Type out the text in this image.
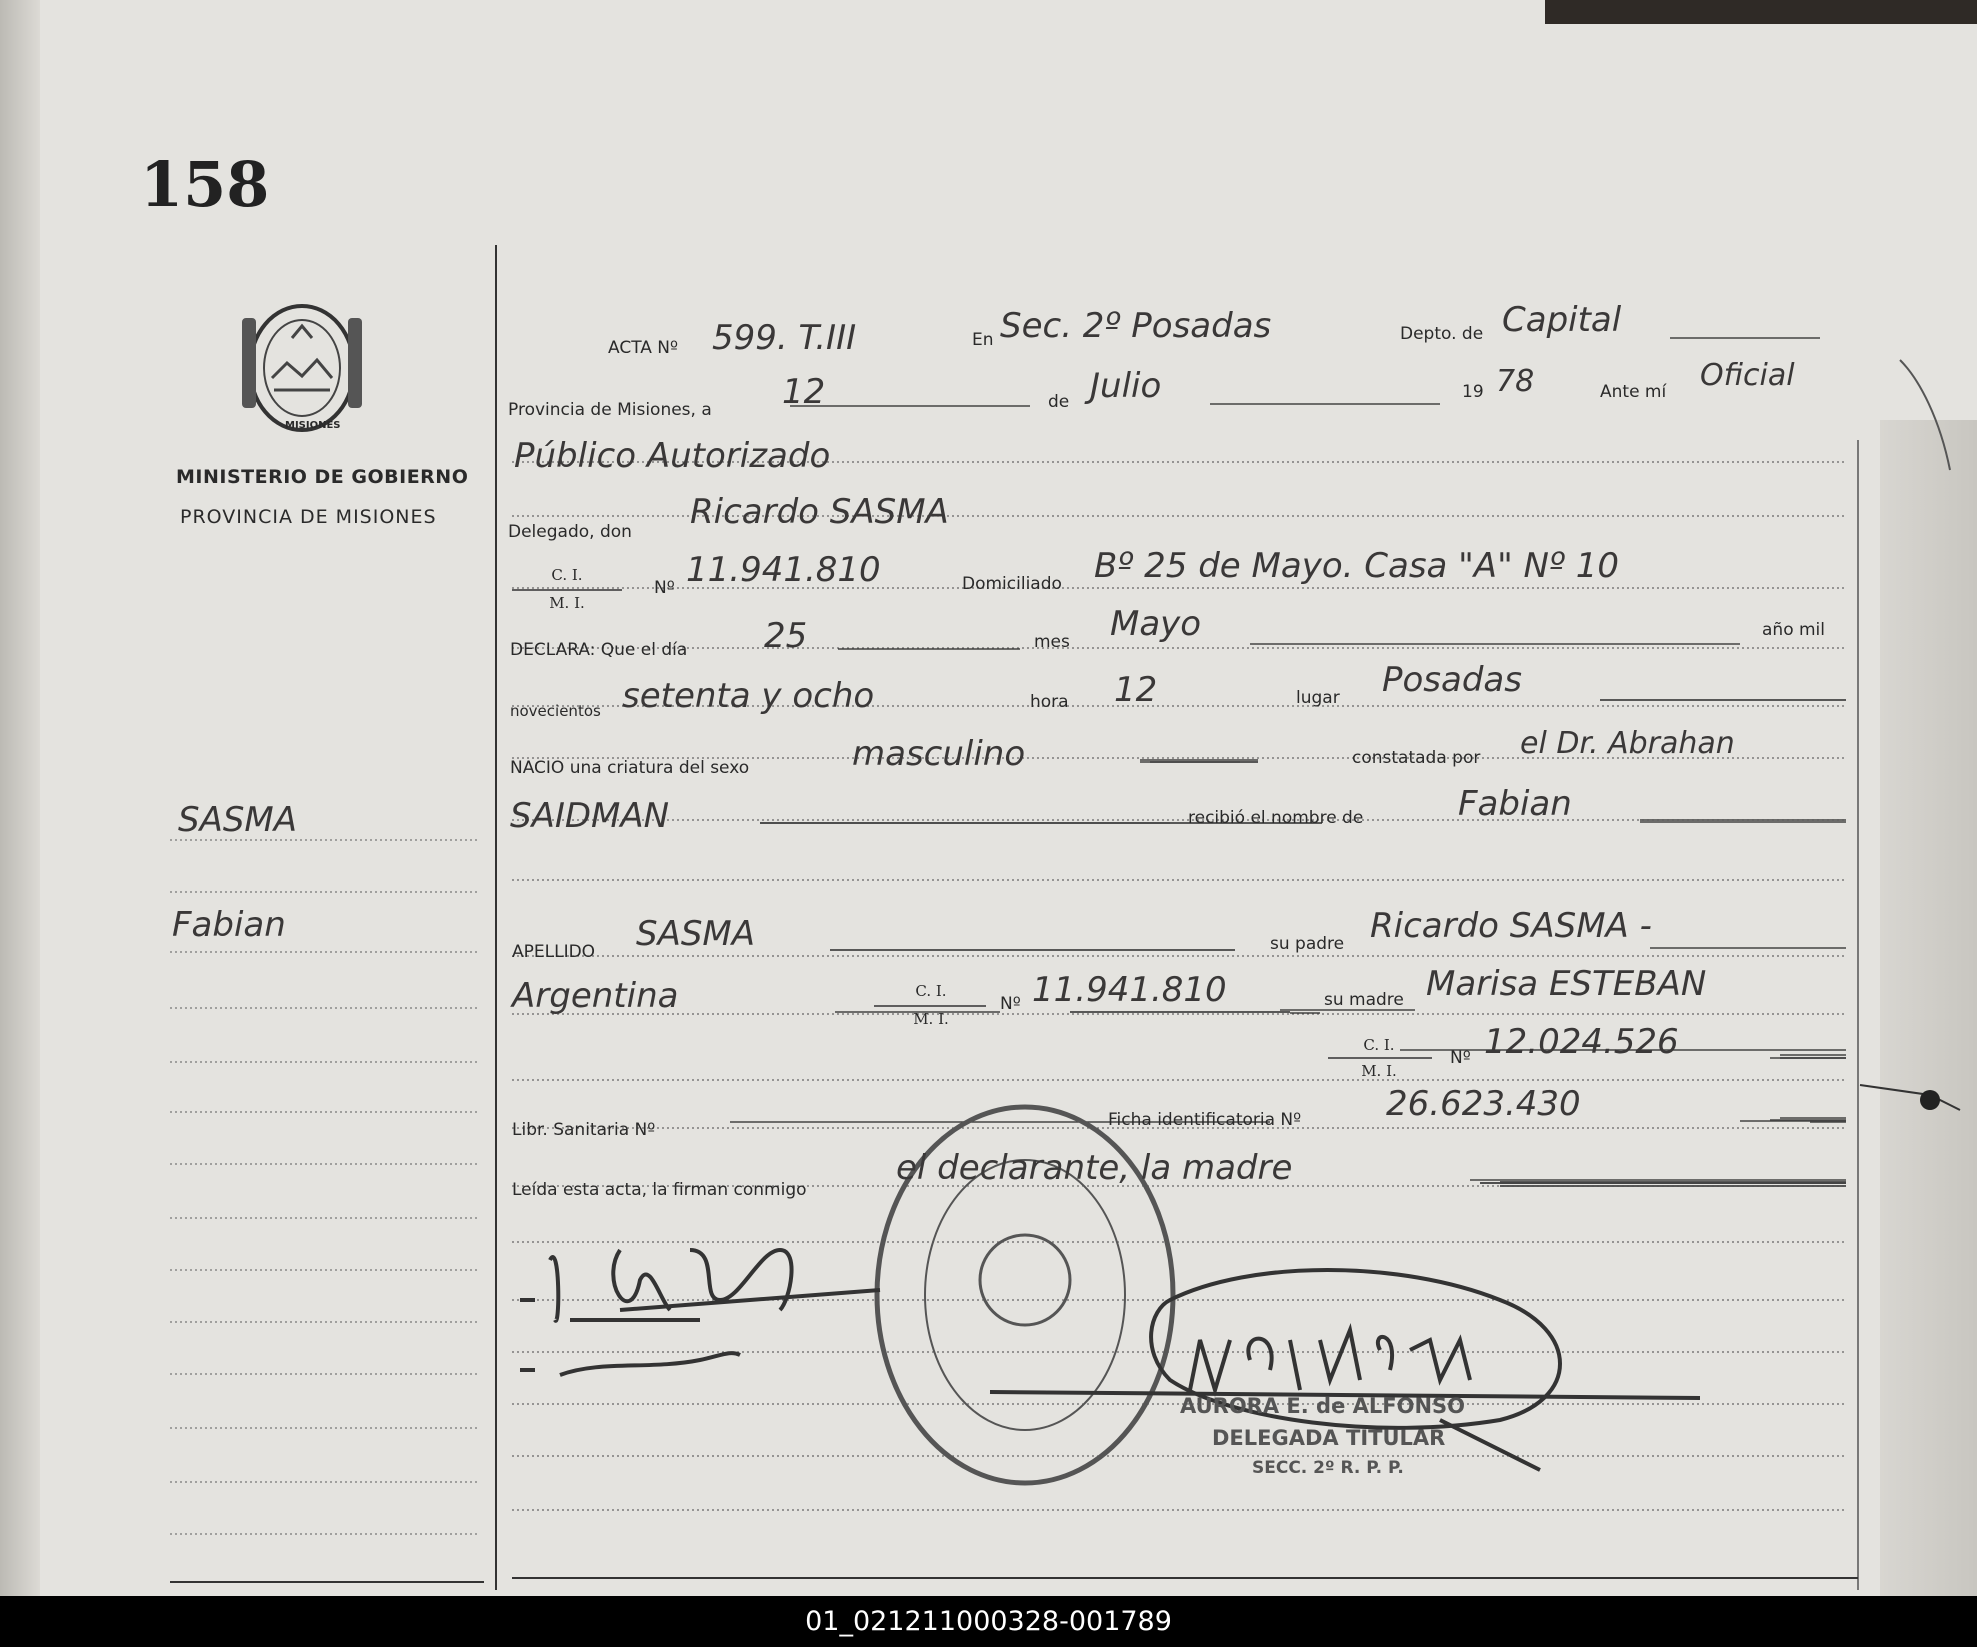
158
MISIONES
MINISTERIO DE GOBIERNO
PROVINCIA DE MISIONES
SASMA
Fabian
ACTA Nº 599. T.III	En Sec. 2º Posadas	Depto. de Capital
Provincia de Misiones, a 12	de Julio	19 78	Ante mí Oficial
Público Autorizado
Delegado, don Ricardo SASMA
C. I.
M. I.
Nº 11.941.810	Domiciliado Bº 25 de Mayo. Casa "A" Nº 10
DECLARA: Que el día 25	mes Mayo	año mil
novecientos setenta y ocho	hora 12	lugar Posadas
NACIO una criatura del sexo	masculino	constatada por el Dr. Abrahan
SAIDMAN	recibió el nombre de	Fabian
APELLIDO SASMA	su padre Ricardo SASMA -
Argentina	C. I.
M. I.
Nº 11.941.810	su madre Marisa ESTEBAN
C. I.
M. I.
Nº 12.024.526
Libr. Sanitaria Nº	Ficha identificatoria Nº 26.623.430
Leída esta acta, la firman conmigo
el declarante, la madre
AURORA E. de ALFONSO
DELEGADA TITULAR
SECC. 2º R. P. P.
01_021211000328-001789
